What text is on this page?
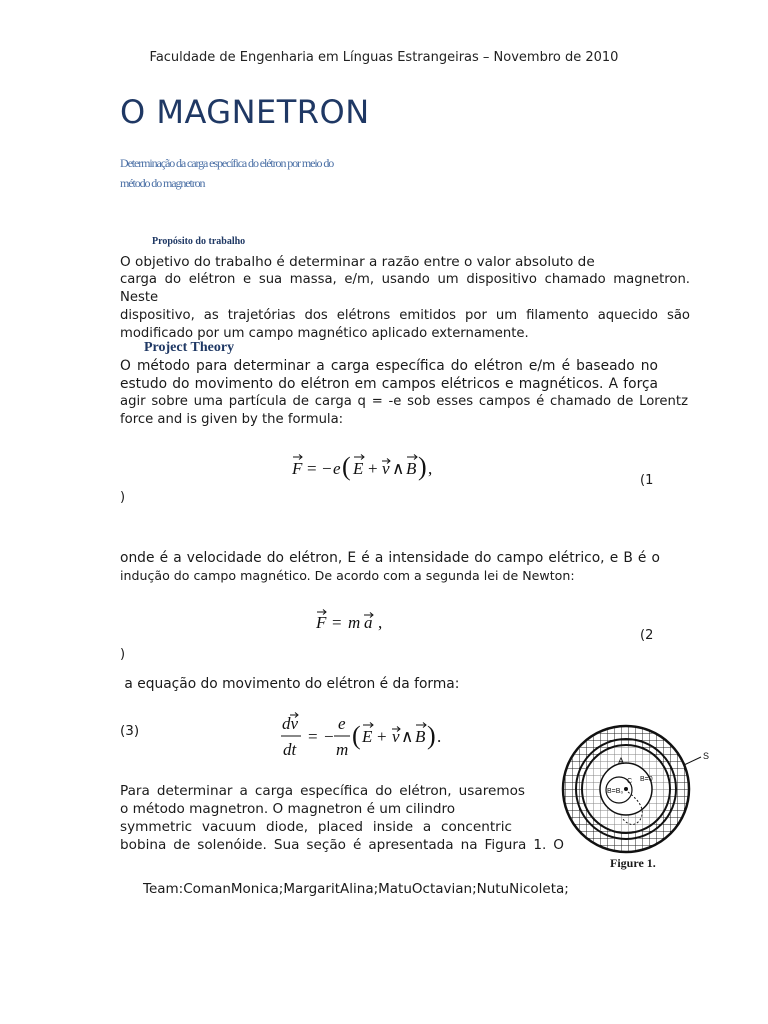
Faculdade de Engenharia em Línguas Estrangeiras – Novembro de 2010
O MAGNETRON
Determinação da carga específica do elétron por meio do
método do magnetron
Propósito do trabalho
O objetivo do trabalho é determinar a razão entre o valor absoluto de
carga do elétron e sua massa, e/m, usando um dispositivo chamado magnetron. Neste
dispositivo, as trajetórias dos elétrons emitidos por um filamento aquecido são
modificado por um campo magnético aplicado externamente.
Project Theory
O método para determinar a carga específica do elétron e/m é baseado no
estudo do movimento do elétron em campos elétricos e magnéticos. A força
agir sobre uma partícula de carga q = -e sob esses campos é chamado de Lorentz
force and is given by the formula:
F = − e ( E + v ∧ B ) ,
(1
)
onde é a velocidade do elétron, E é a intensidade do campo elétrico, e B é o
indução do campo magnético. De acordo com a segunda lei de Newton:
F = m a ,
(2
)
a equação do movimento do elétron é da forma:
(3)	dv
dt
= −
e
m ( E + v ∧ B ) .
Para determinar a carga específica do elétron, usaremos
o método magnetron. O magnetron é um cilindro
symmetric vacuum diode, placed inside a concentric
bobina de solenóide. Sua seção é apresentada na Figura 1. O
A
C
S
B=0
B=B₀
Figure 1.
Team:ComanMonica;MargaritAlina;MatuOctavian;NutuNicoleta;
